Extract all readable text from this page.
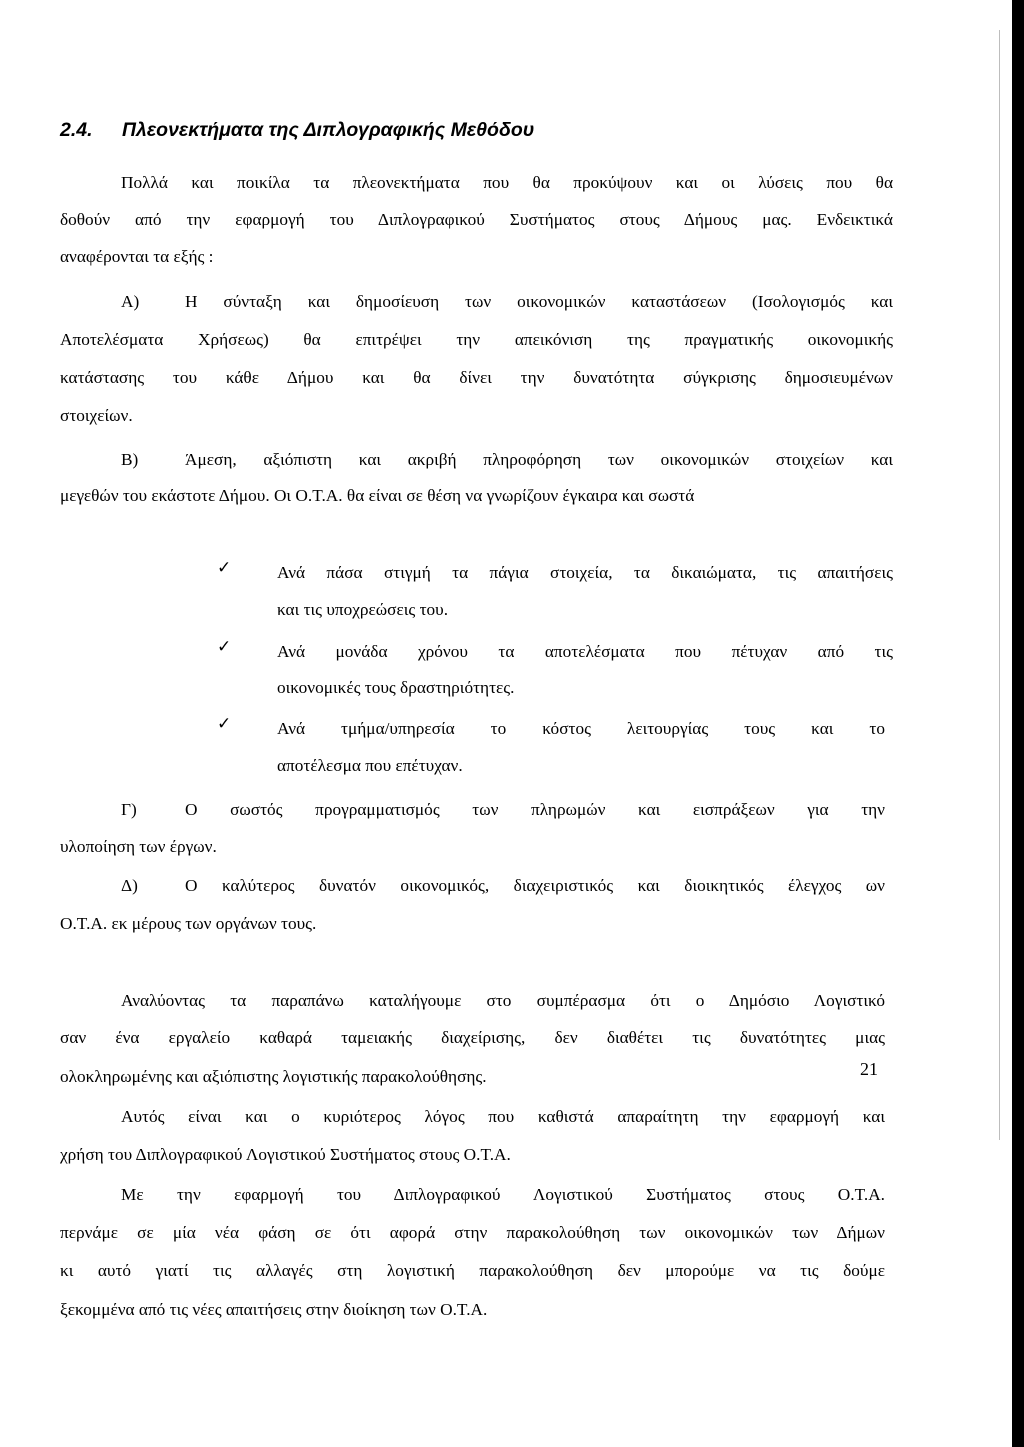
2.4. Πλεονεκτήματα της Διπλογραφικής Μεθόδου
Πολλά και ποικίλα τα πλεονεκτήματα που θα προκύψουν και οι λύσεις που θα
δοθούν από την εφαρμογή του Διπλογραφικού Συστήματος στους Δήμους μας. Ενδεικτικά
αναφέρονται τα εξής :
Α)	Η σύνταξη και δημοσίευση των οικονομικών καταστάσεων (Ισολογισμός και
Αποτελέσματα Χρήσεως) θα επιτρέψει την απεικόνιση της πραγματικής οικονομικής
κατάστασης του κάθε Δήμου και θα δίνει την δυνατότητα σύγκρισης δημοσιευμένων
στοιχείων.
Β)	Άμεση, αξιόπιστη και ακριβή πληροφόρηση των οικονομικών στοιχείων και
μεγεθών του εκάστοτε Δήμου. Οι Ο.Τ.Α. θα είναι σε θέση να γνωρίζουν έγκαιρα και σωστά
✓	Ανά πάσα στιγμή τα πάγια στοιχεία, τα δικαιώματα, τις απαιτήσεις
και τις υποχρεώσεις του.
✓	Ανά μονάδα χρόνου τα αποτελέσματα που πέτυχαν από τις
οικονομικές τους δραστηριότητες.
✓	Ανά τμήμα/υπηρεσία το κόστος λειτουργίας τους και το
αποτέλεσμα που επέτυχαν.
Γ)	Ο σωστός προγραμματισμός των πληρωμών και εισπράξεων για την
υλοποίηση των έργων.
Δ)	Ο καλύτερος δυνατόν οικονομικός, διαχειριστικός και διοικητικός έλεγχος ων
Ο.Τ.Α. εκ μέρους των οργάνων τους.
Αναλύοντας τα παραπάνω καταλήγουμε στο συμπέρασμα ότι ο Δημόσιο Λογιστικό
σαν ένα εργαλείο καθαρά ταμειακής διαχείρισης, δεν διαθέτει τις δυνατότητες μιας
ολοκληρωμένης και αξιόπιστης λογιστικής παρακολούθησης.
Αυτός είναι και ο κυριότερος λόγος που καθιστά απαραίτητη την εφαρμογή και
χρήση του Διπλογραφικού Λογιστικού Συστήματος στους Ο.Τ.Α.
Με την εφαρμογή του Διπλογραφικού Λογιστικού Συστήματος στους Ο.Τ.Α.
περνάμε σε μία νέα φάση σε ότι αφορά στην παρακολούθηση των οικονομικών των Δήμων
κι αυτό γιατί τις αλλαγές στη λογιστική παρακολούθηση δεν μπορούμε να τις δούμε
ξεκομμένα από τις νέες απαιτήσεις στην διοίκηση των Ο.Τ.Α.
21
